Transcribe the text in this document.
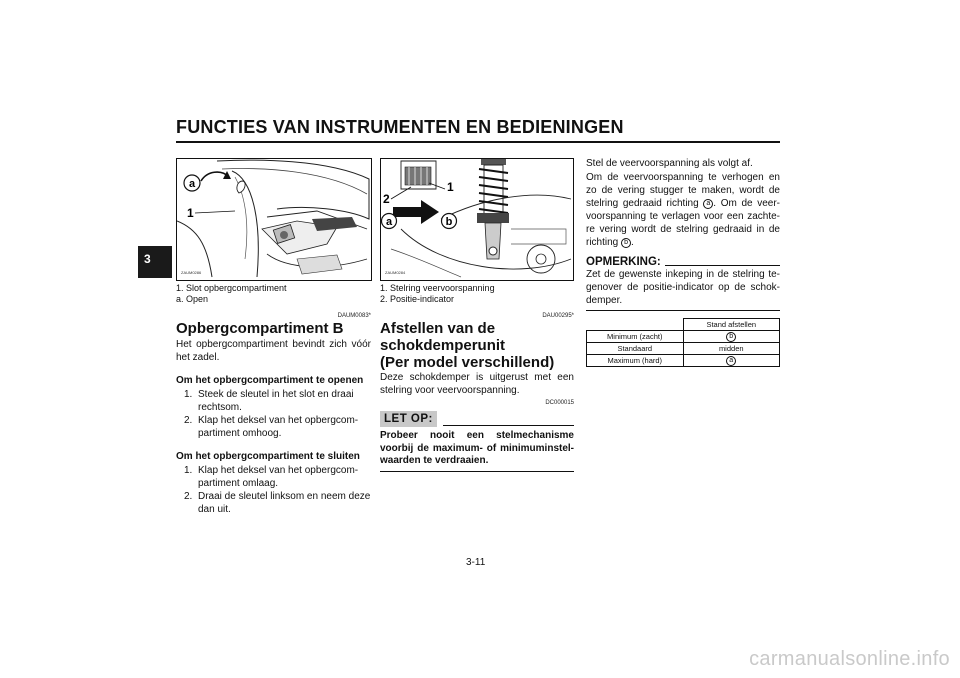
FUNCTIES VAN INSTRUMENTEN EN BEDIENINGEN
3
a
1
ZAUM0286
1. Slot opbergcompartiment
a. Open
DAUM0083*
Opbergcompartiment B
Het opbergcompartiment bevindt zich vóór het zadel.
Om het opbergcompartiment te openen
1. Steek de sleutel in het slot en draai rechtsom.
2. Klap het deksel van het opbergcom-partiment omhoog.
Om het opbergcompartiment te sluiten
1. Klap het deksel van het opbergcom-partiment omlaag.
2. Draai de sleutel linksom en neem deze dan uit.
a	b
2
1
ZAUM0284
1. Stelring veervoorspanning
2. Positie-indicator
DAU00295*
Afstellen van de
schokdemperunit
(Per model verschillend)
Deze schokdemper is uitgerust met een stelring voor veervoorspanning.
DC000015
LET OP:
Probeer nooit een stelmechanisme voorbij de maximum- of minimuminstel-waarden te verdraaien.
Stel de veervoorspanning als volgt af.
Om de veervoorspanning te verhogen en zo de vering stugger te maken, wordt de stelring gedraaid richting a . Om de veer-voorspanning te verlagen voor een zachte-re vering wordt de stelring gedraaid in de richting b .
OPMERKING:
Zet de gewenste inkeping in de stelring te-genover de positie-indicator op de schok-demper.
	Stand afstellen
Minimum (zacht)	b
Standaard	midden
Maximum (hard)	a
3-11
carmanualsonline.info
